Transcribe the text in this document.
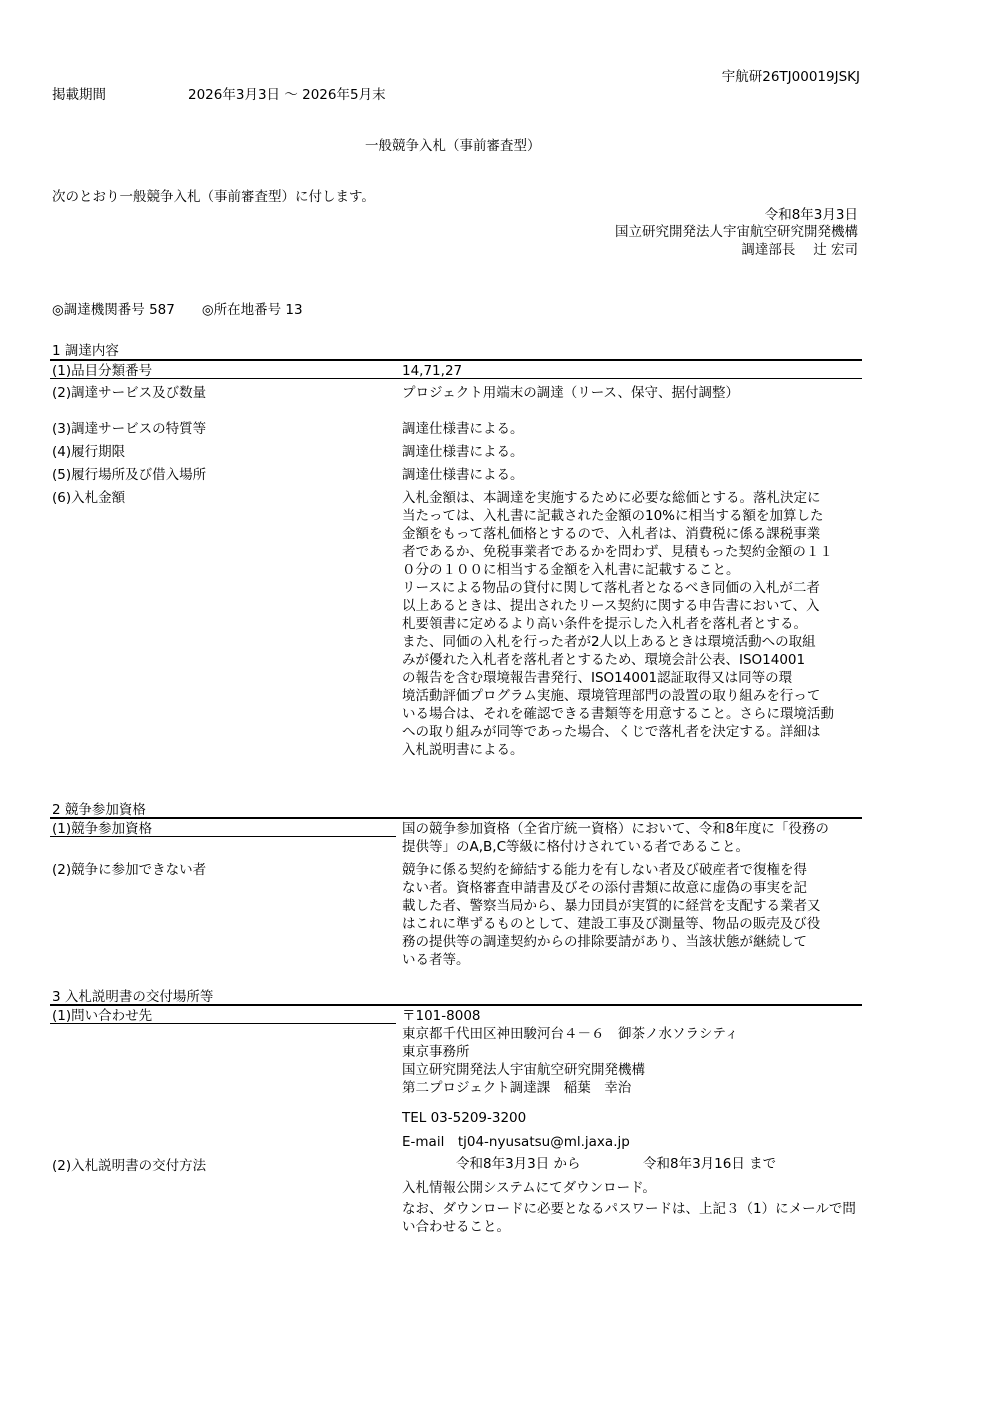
宇航研26TJ00019JSKJ
掲載期間	2026年3月3日 ～ 2026年5月末
一般競争入札（事前審査型）
次のとおり一般競争入札（事前審査型）に付します。
令和8年3月3日
国立研究開発法人宇宙航空研究開発機構
調達部長　 辻 宏司
◎調達機関番号 587　　◎所在地番号 13
1 調達内容
(1)品目分類番号	14,71,27
(2)調達サービス及び数量	プロジェクト用端末の調達（リース、保守、据付調整）
(3)調達サービスの特質等	調達仕様書による。
(4)履行期限	調達仕様書による。
(5)履行場所及び借入場所	調達仕様書による。
(6)入札金額	入札金額は、本調達を実施するために必要な総価とする。落札決定に
当たっては、入札書に記載された金額の10%に相当する額を加算した
金額をもって落札価格とするので、入札者は、消費税に係る課税事業
者であるか、免税事業者であるかを問わず、見積もった契約金額の１１
０分の１００に相当する金額を入札書に記載すること。
リースによる物品の貸付に関して落札者となるべき同価の入札が二者
以上あるときは、提出されたリース契約に関する申告書において、入
札要領書に定めるより高い条件を提示した入札者を落札者とする。
また、同価の入札を行った者が2人以上あるときは環境活動への取組
みが優れた入札者を落札者とするため、環境会計公表、ISO14001
の報告を含む環境報告書発行、ISO14001認証取得又は同等の環
境活動評価プログラム実施、環境管理部門の設置の取り組みを行って
いる場合は、それを確認できる書類等を用意すること。さらに環境活動
への取り組みが同等であった場合、くじで落札者を決定する。詳細は
入札説明書による。
2 競争参加資格
(1)競争参加資格	国の競争参加資格（全省庁統一資格）において、令和8年度に「役務の
提供等」のA,B,C等級に格付けされている者であること。
(2)競争に参加できない者	競争に係る契約を締結する能力を有しない者及び破産者で復権を得
ない者。資格審査申請書及びその添付書類に故意に虚偽の事実を記
載した者、警察当局から、暴力団員が実質的に経営を支配する業者又
はこれに準ずるものとして、建設工事及び測量等、物品の販売及び役
務の提供等の調達契約からの排除要請があり、当該状態が継続して
いる者等。
3 入札説明書の交付場所等
(1)問い合わせ先	〒101-8008
東京都千代田区神田駿河台４－６　御茶ノ水ソラシティ
東京事務所
国立研究開発法人宇宙航空研究開発機構
第二プロジェクト調達課　稲葉　幸治
TEL 03-5209-3200
E-mail　tj04-nyusatsu@ml.jaxa.jp
(2)入札説明書の交付方法	令和8年3月3日 から	令和8年3月16日 まで
入札情報公開システムにてダウンロード。
なお、ダウンロードに必要となるパスワードは、上記３（1）にメールで問
い合わせること。
